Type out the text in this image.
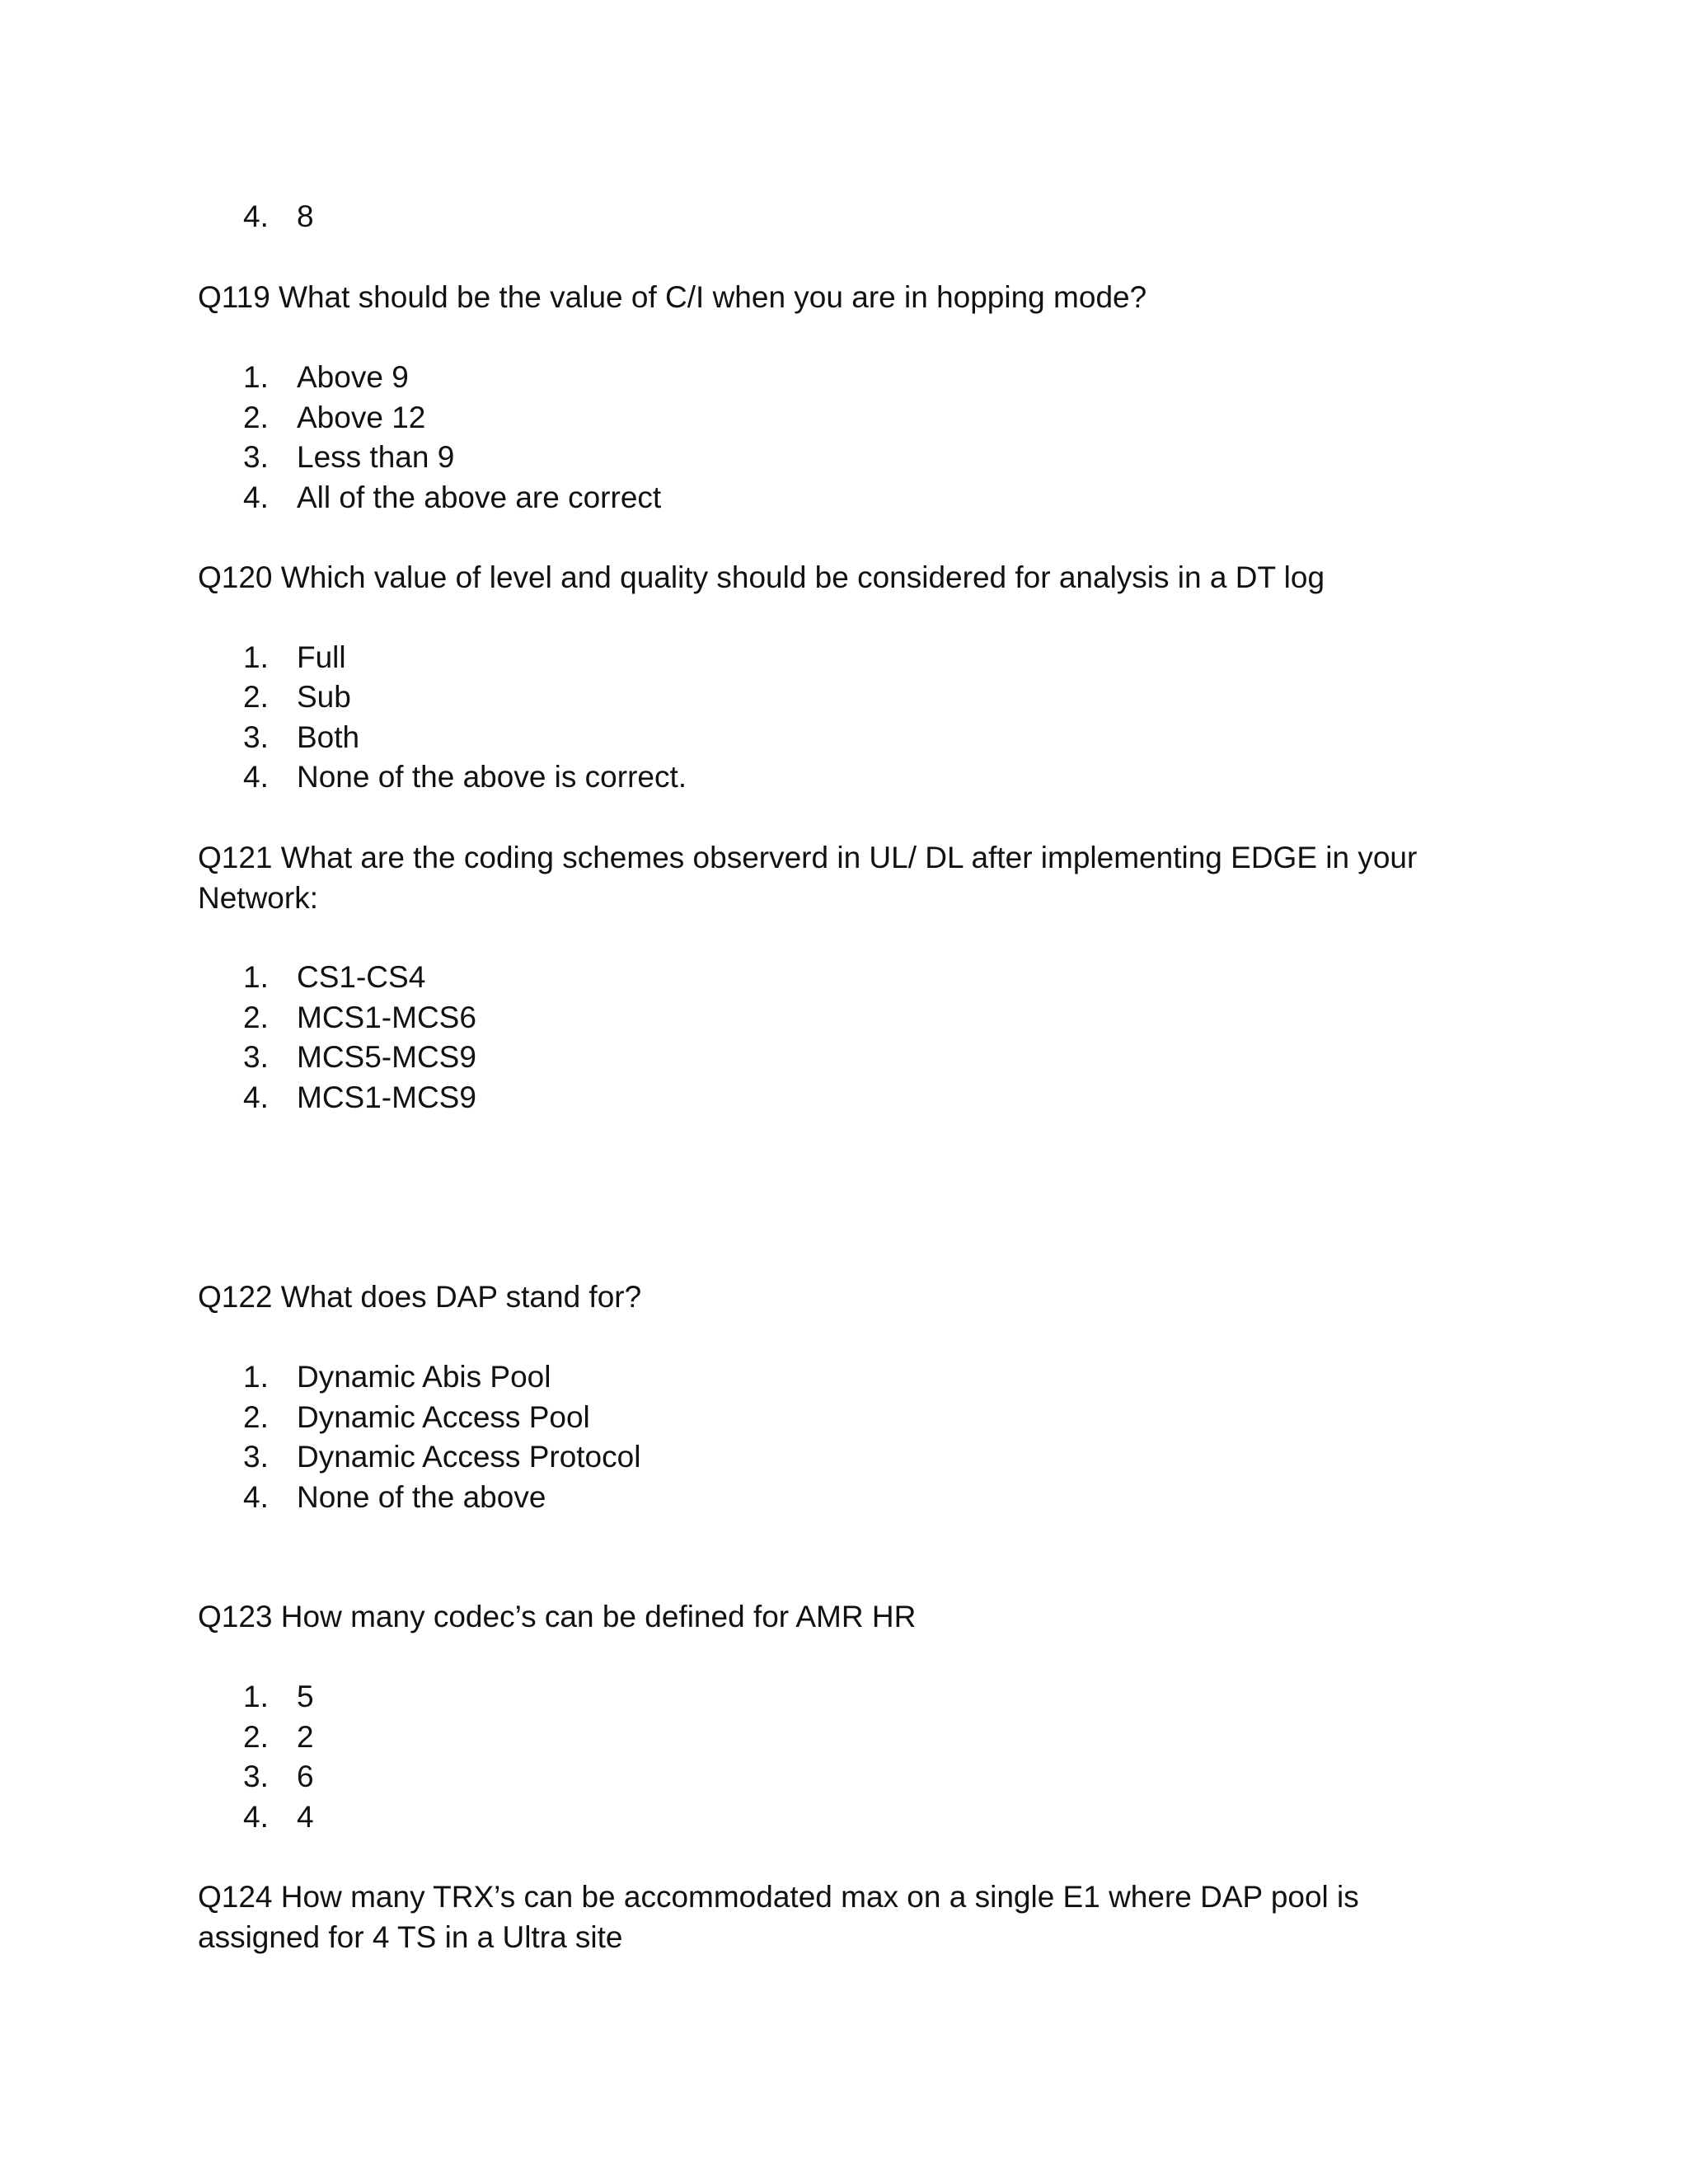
4. 8
Q119 What should be the value of C/I when you are in hopping mode?
1. Above 9
2. Above 12
3. Less than 9
4. All of the above are correct
Q120 Which value of level and quality should be considered for analysis in a DT log
1. Full
2. Sub
3. Both
4. None of the above is correct.
Q121 What are the coding schemes observerd in UL/ DL after implementing EDGE in your Network:
1. CS1-CS4
2. MCS1-MCS6
3. MCS5-MCS9
4. MCS1-MCS9
Q122 What does DAP stand for?
1. Dynamic Abis Pool
2. Dynamic Access Pool
3. Dynamic Access Protocol
4. None of the above
Q123 How many codec’s can be defined for AMR HR
1. 5
2. 2
3. 6
4. 4
Q124 How many TRX’s can be accommodated max on a single E1 where DAP pool is assigned for 4 TS in a Ultra site
